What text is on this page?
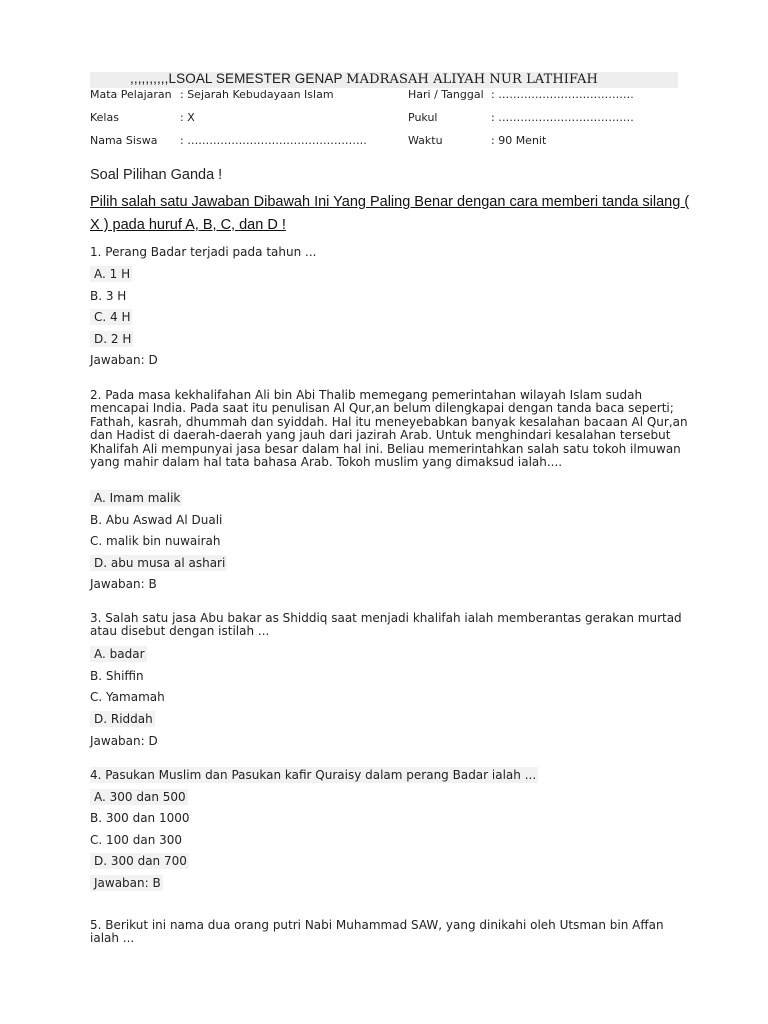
,,,,,,,,,,LSOAL SEMESTER GENAP MADRASAH ALIYAH NUR LATHIFAH
Mata Pelajaran : Sejarah Kebudayaan Islam	Hari / Tanggal : ……………………………….
Kelas	: X	Pukul	: ……………………………….
Nama Siswa : ………………………………………….	Waktu	: 90 Menit
Soal Pilihan Ganda !
Pilih salah satu Jawaban Dibawah Ini Yang Paling Benar dengan cara memberi tanda silang ( X ) pada huruf A, B, C, dan D !
1. Perang Badar terjadi pada tahun ...
A. 1 H
B. 3 H
C. 4 H
D. 2 H
Jawaban: D
2. Pada masa kekhalifahan Ali bin Abi Thalib memegang pemerintahan wilayah Islam sudah mencapai India. Pada saat itu penulisan Al Qur,an belum dilengkapai dengan tanda baca seperti; Fathah, kasrah, dhummah dan syiddah. Hal itu meneyebabkan banyak kesalahan bacaan Al Qur,an dan Hadist di daerah-daerah yang jauh dari jazirah Arab. Untuk menghindari kesalahan tersebut Khalifah Ali mempunyai jasa besar dalam hal ini. Beliau memerintahkan salah satu tokoh ilmuwan yang mahir dalam hal tata bahasa Arab. Tokoh muslim yang dimaksud ialah....
A. Imam malik
B. Abu Aswad Al Duali
C. malik bin nuwairah
D. abu musa al ashari
Jawaban: B
3. Salah satu jasa Abu bakar as Shiddiq saat menjadi khalifah ialah memberantas gerakan murtad atau disebut dengan istilah ...
A. badar
B. Shiffin
C. Yamamah
D. Riddah
Jawaban: D
4. Pasukan Muslim dan Pasukan kafir Quraisy dalam perang Badar ialah ...
A. 300 dan 500
B. 300 dan 1000
C. 100 dan 300
D. 300 dan 700
Jawaban: B
5. Berikut ini nama dua orang putri Nabi Muhammad SAW, yang dinikahi oleh Utsman bin Affan ialah ...
